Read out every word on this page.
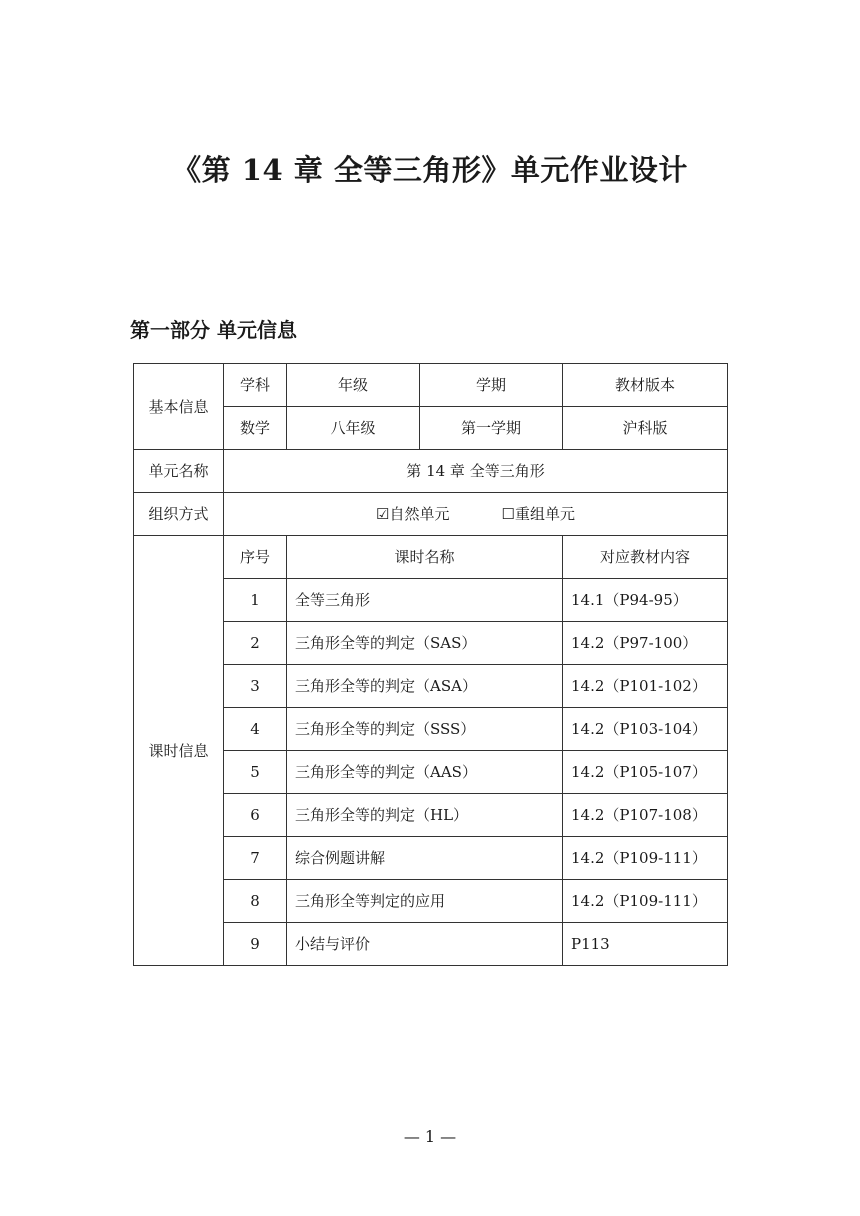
《第 14 章 全等三角形》单元作业设计
第一部分 单元信息
基本信息	学科	年级	学期	教材版本
	数学	八年级	第一学期	沪科版
单元名称	第 14 章 全等三角形			
组织方式	☑自然单元 ☐重组单元			
课时信息	序号	课时名称		对应教材内容
	1	全等三角形		14.1（P94-95）
	2	三角形全等的判定（SAS）		14.2（P97-100）
	3	三角形全等的判定（ASA）		14.2（P101-102）
	4	三角形全等的判定（SSS）		14.2（P103-104）
	5	三角形全等的判定（AAS）		14.2（P105-107）
	6	三角形全等的判定（HL）		14.2（P107-108）
	7	综合例题讲解		14.2（P109-111）
	8	三角形全等判定的应用		14.2（P109-111）
	9	小结与评价		P113
— 1 —
